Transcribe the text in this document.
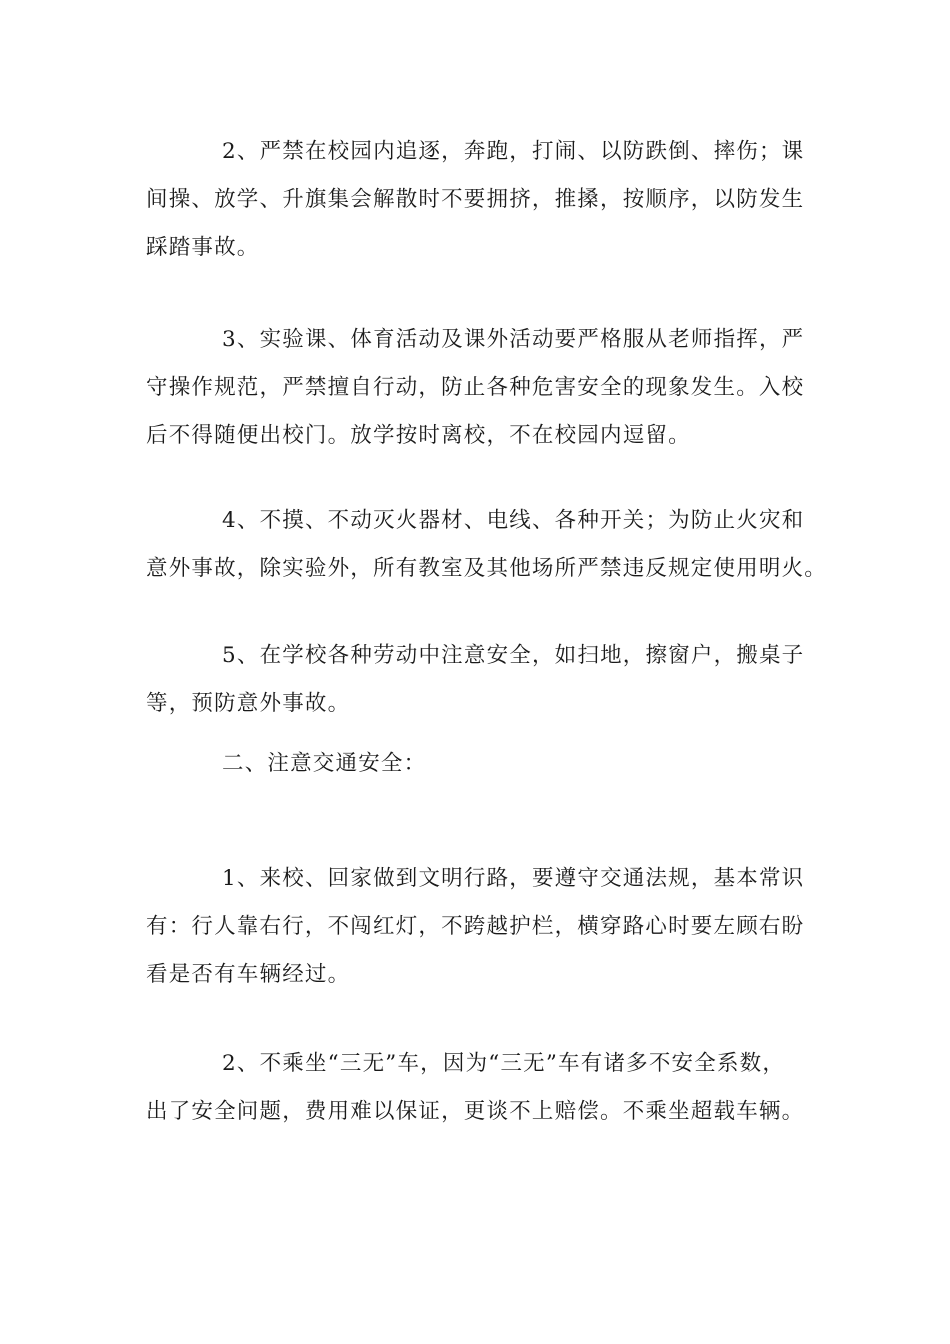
2、严禁在校园内追逐，奔跑，打闹、以防跌倒、摔伤；课
间操、放学、升旗集会解散时不要拥挤，推搡，按顺序，以防发生
踩踏事故。
3、实验课、体育活动及课外活动要严格服从老师指挥，严
守操作规范，严禁擅自行动，防止各种危害安全的现象发生。入校
后不得随便出校门。放学按时离校，不在校园内逗留。
4、不摸、不动灭火器材、电线、各种开关；为防止火灾和
意外事故，除实验外，所有教室及其他场所严禁违反规定使用明火。
5、在学校各种劳动中注意安全，如扫地，擦窗户，搬桌子
等，预防意外事故。
二、注意交通安全：
1、来校、回家做到文明行路，要遵守交通法规，基本常识
有：行人靠右行，不闯红灯，不跨越护栏，横穿路心时要左顾右盼
看是否有车辆经过。
2、不乘坐“三无”车，因为“三无”车有诸多不安全系数，
出了安全问题，费用难以保证，更谈不上赔偿。不乘坐超载车辆。
